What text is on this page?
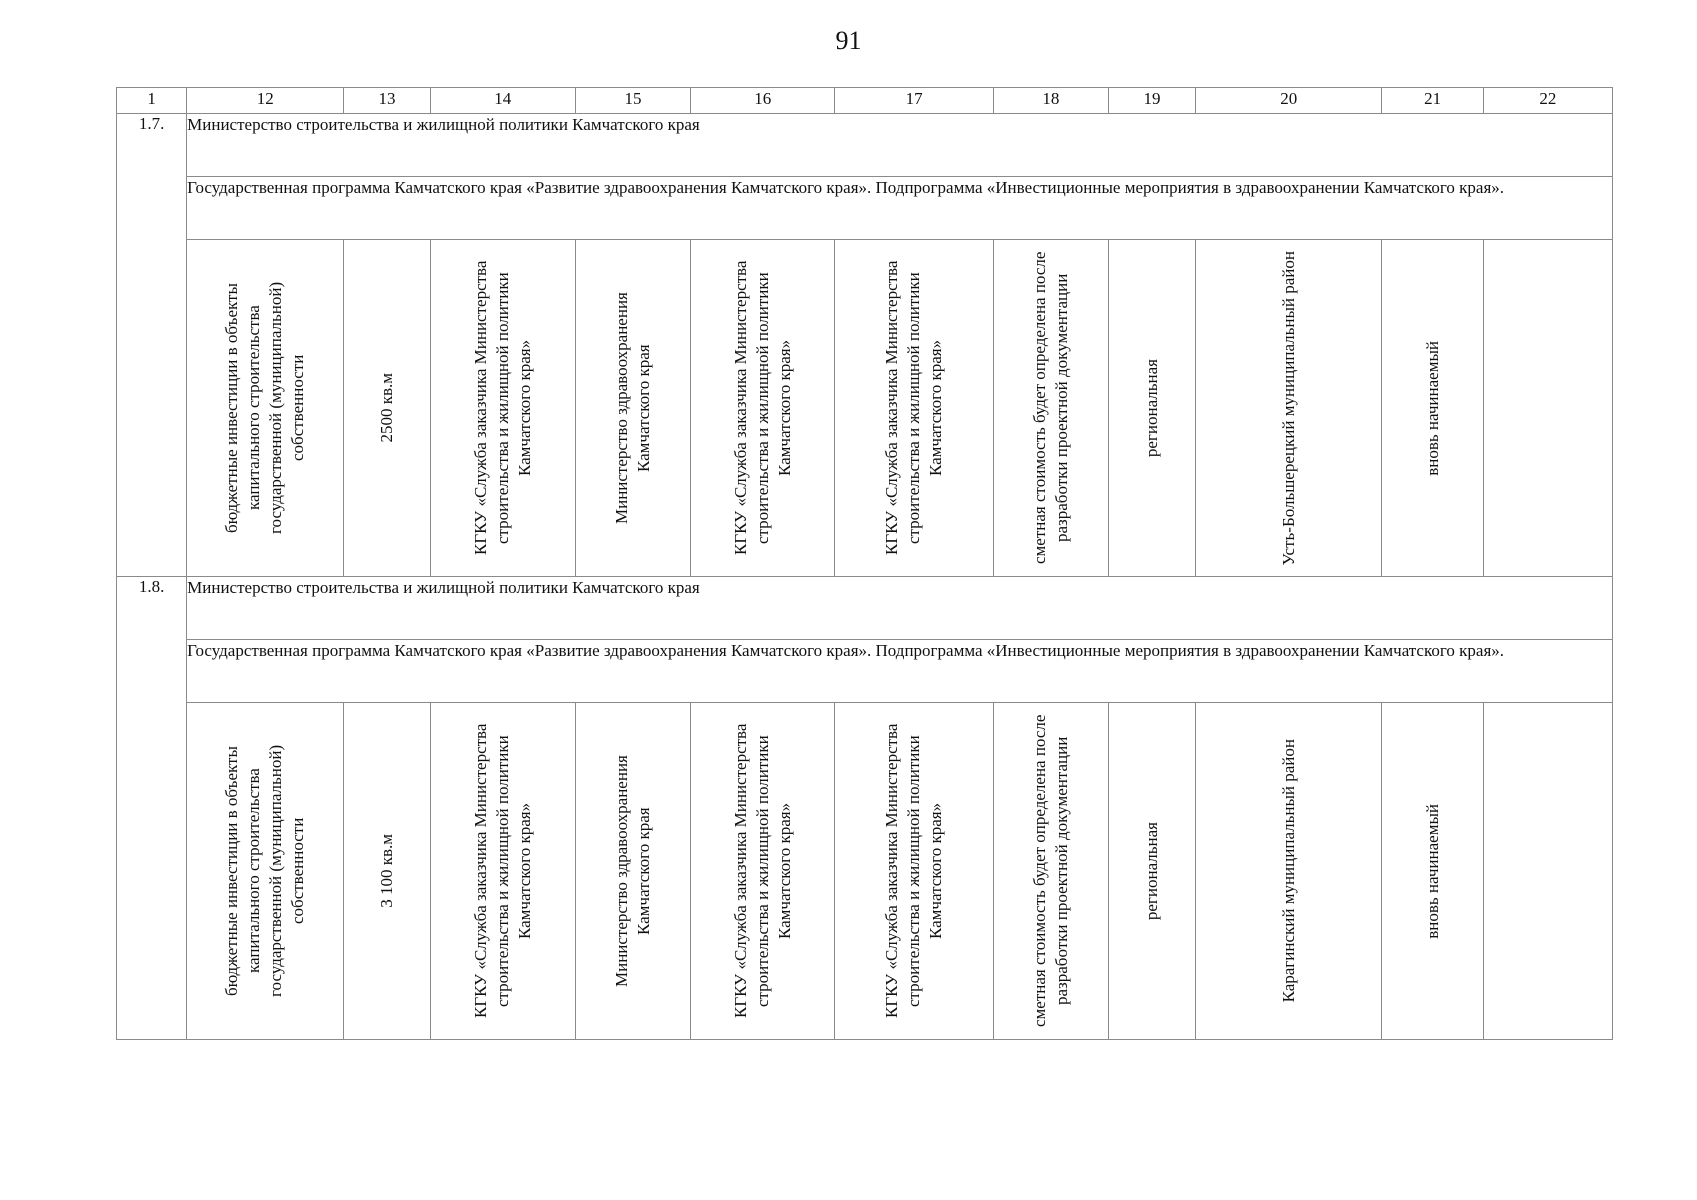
91
1	12	13	14	15	16	17	18	19	20	21	22
1.7.	Министерство строительства и жилищной политики Камчатского края										
	Государственная программа Камчатского края «Развитие здравоохранения Камчатского края». Подпрограмма «Инвестиционные мероприятия в здравоохранении Камчатского края».										

	бюджетные инвестиции в объекты капитального строительства государственной (муниципальной) собственности	2500 кв.м	КГКУ «Служба заказчика Министерства строительства и жилищной политики Камчатского края»	Министерство здравоохранения Камчатского края	КГКУ «Служба заказчика Министерства строительства и жилищной политики Камчатского края»	КГКУ «Служба заказчика Министерства строительства и жилищной политики Камчатского края»	сметная стоимость будет определена после разработки проектной документации	региональная	Усть-Большерецкий муниципальный район	вновь начинаемый	

1.8.	Министерство строительства и жилищной политики Камчатского края										
	Государственная программа Камчатского края «Развитие здравоохранения Камчатского края». Подпрограмма «Инвестиционные мероприятия в здравоохранении Камчатского края».										

	бюджетные инвестиции в объекты капитального строительства государственной (муниципальной) собственности	3 100 кв.м	КГКУ «Служба заказчика Министерства строительства и жилищной политики Камчатского края»	Министерство здравоохранения Камчатского края	КГКУ «Служба заказчика Министерства строительства и жилищной политики Камчатского края»	КГКУ «Служба заказчика Министерства строительства и жилищной политики Камчатского края»	сметная стоимость будет определена после разработки проектной документации	региональная	Карагинский муниципальный район	вновь начинаемый	
